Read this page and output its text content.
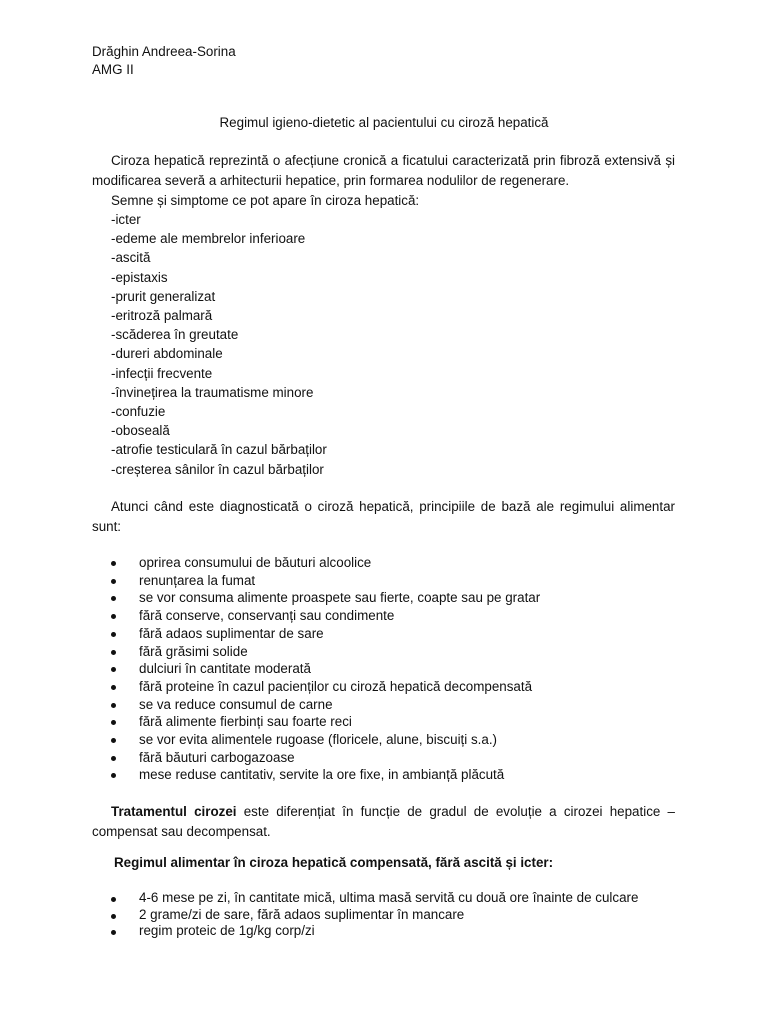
Drăghin Andreea-Sorina
AMG II
Regimul igieno-dietetic al pacientului cu ciroză hepatică
Ciroza hepatică reprezintă o afecțiune cronică a ficatului caracterizată prin fibroză extensivă și modificarea severă a arhitecturii hepatice, prin formarea nodulilor de regenerare.
Semne și simptome ce pot apare în ciroza hepatică:
-icter
-edeme ale membrelor inferioare
-ascită
-epistaxis
-prurit generalizat
-eritroză palmară
-scăderea în greutate
-dureri abdominale
-infecții frecvente
-învinețirea la traumatisme minore
-confuzie
-oboseală
-atrofie testiculară în cazul bărbaților
-creșterea sânilor în cazul bărbaților
Atunci când este diagnosticată o ciroză hepatică, principiile de bază ale regimului alimentar sunt:
oprirea consumului de băuturi alcoolice
renunțarea la fumat
se vor consuma alimente proaspete sau fierte, coapte sau pe gratar
fără conserve, conservanți sau condimente
fără adaos suplimentar de sare
fără grăsimi solide
dulciuri în cantitate moderată
fără proteine în cazul pacienților cu ciroză hepatică decompensată
se va reduce consumul de carne
fără alimente fierbinți sau foarte reci
se vor evita alimentele rugoase (floricele, alune, biscuiți s.a.)
fără băuturi carbogazoase
mese reduse cantitativ, servite la ore fixe, in ambianță plăcută
Tratamentul cirozei este diferențiat în funcție de gradul de evoluție a cirozei hepatice – compensat sau decompensat.
Regimul alimentar în ciroza hepatică compensată, fără ascită și icter:
4-6 mese pe zi, în cantitate mică, ultima masă servită cu două ore înainte de culcare
2 grame/zi de sare, fără adaos suplimentar în mancare
regim proteic de 1g/kg corp/zi
